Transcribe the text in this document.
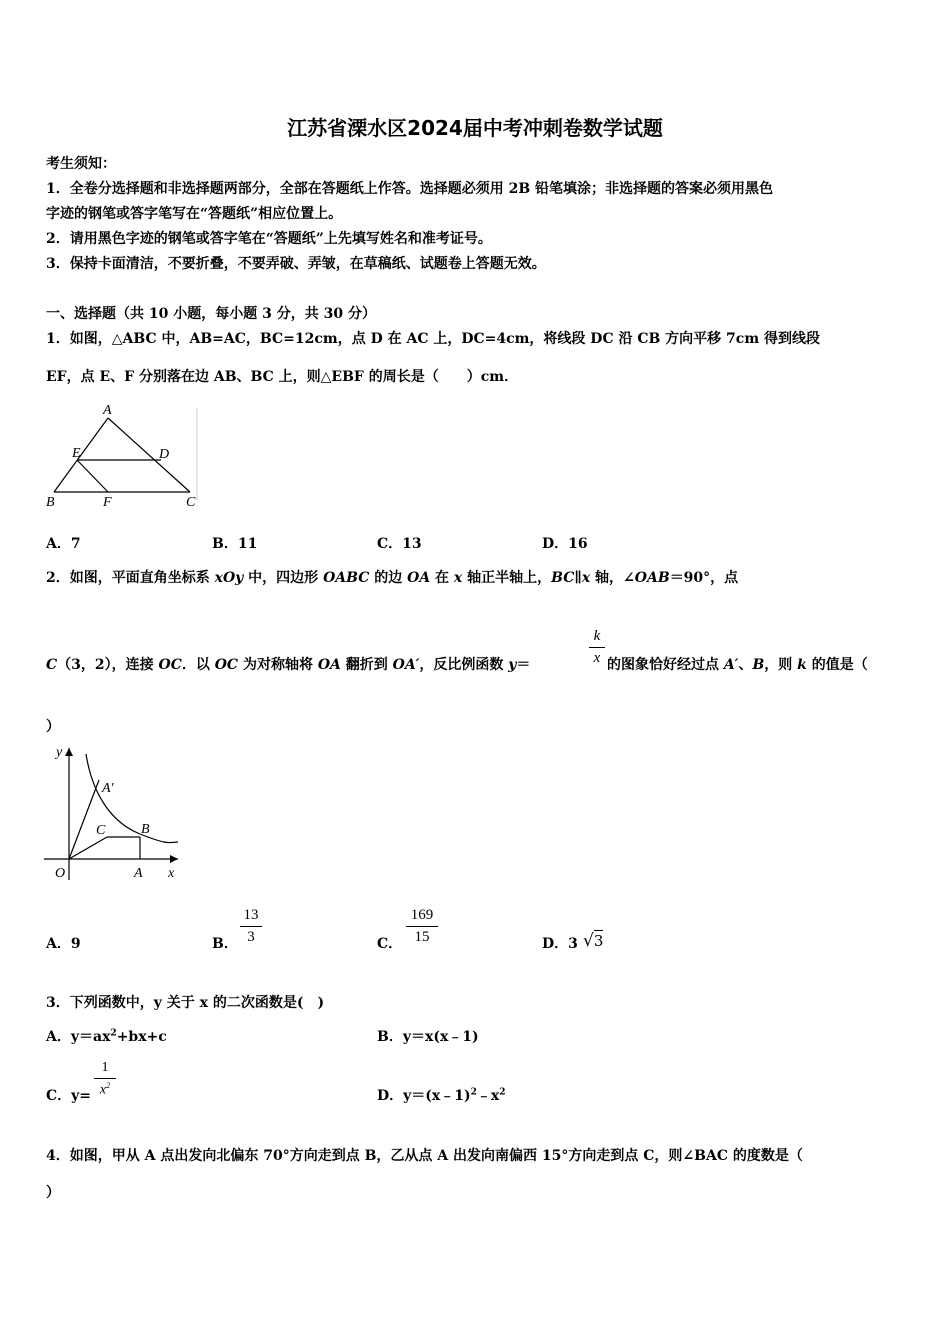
江苏省溧水区2024届中考冲刺卷数学试题
考生须知：
1．全卷分选择题和非选择题两部分，全部在答题纸上作答。选择题必须用 2B 铅笔填涂；非选择题的答案必须用黑色
字迹的钢笔或答字笔写在“答题纸”相应位置上。
2．请用黑色字迹的钢笔或答字笔在“答题纸”上先填写姓名和准考证号。
3．保持卡面清洁，不要折叠，不要弄破、弄皱，在草稿纸、试题卷上答题无效。
一、选择题（共 10 小题，每小题 3 分，共 30 分）
1．如图，△ABC 中，AB=AC，BC=12cm，点 D 在 AC 上，DC=4cm，将线段 DC 沿 CB 方向平移 7cm 得到线段
EF，点 E、F 分别落在边 AB、BC 上，则△EBF 的周长是（　　）cm．
A
E	D
B	F	C
A．7	B．11	C．13	D．16
2．如图，平面直角坐标系 xOy 中，四边形 OABC 的边 OA 在 x 轴正半轴上，BC∥x 轴，∠OAB＝90°，点
C（3，2），连接 OC．以 OC 为对称轴将 OA 翻折到 OA′，反比例函数 y＝
k
x 的图象恰好经过点 A′、B，则 k 的值是（
）
y
A′
C	B
O	A x
A．9	B．
13
3	C．
169
15	D．3 √3
3．下列函数中，y 关于 x 的二次函数是(　)
A．$y=ax^2+bx+c$	B．y＝x(x﹣1)
C．y=
1
$x^2$
D．$y=(x﹣1)^2﹣x^2$
4．如图，甲从 A 点出发向北偏东 70°方向走到点 B，乙从点 A 出发向南偏西 15°方向走到点 C，则∠BAC 的度数是（
）
